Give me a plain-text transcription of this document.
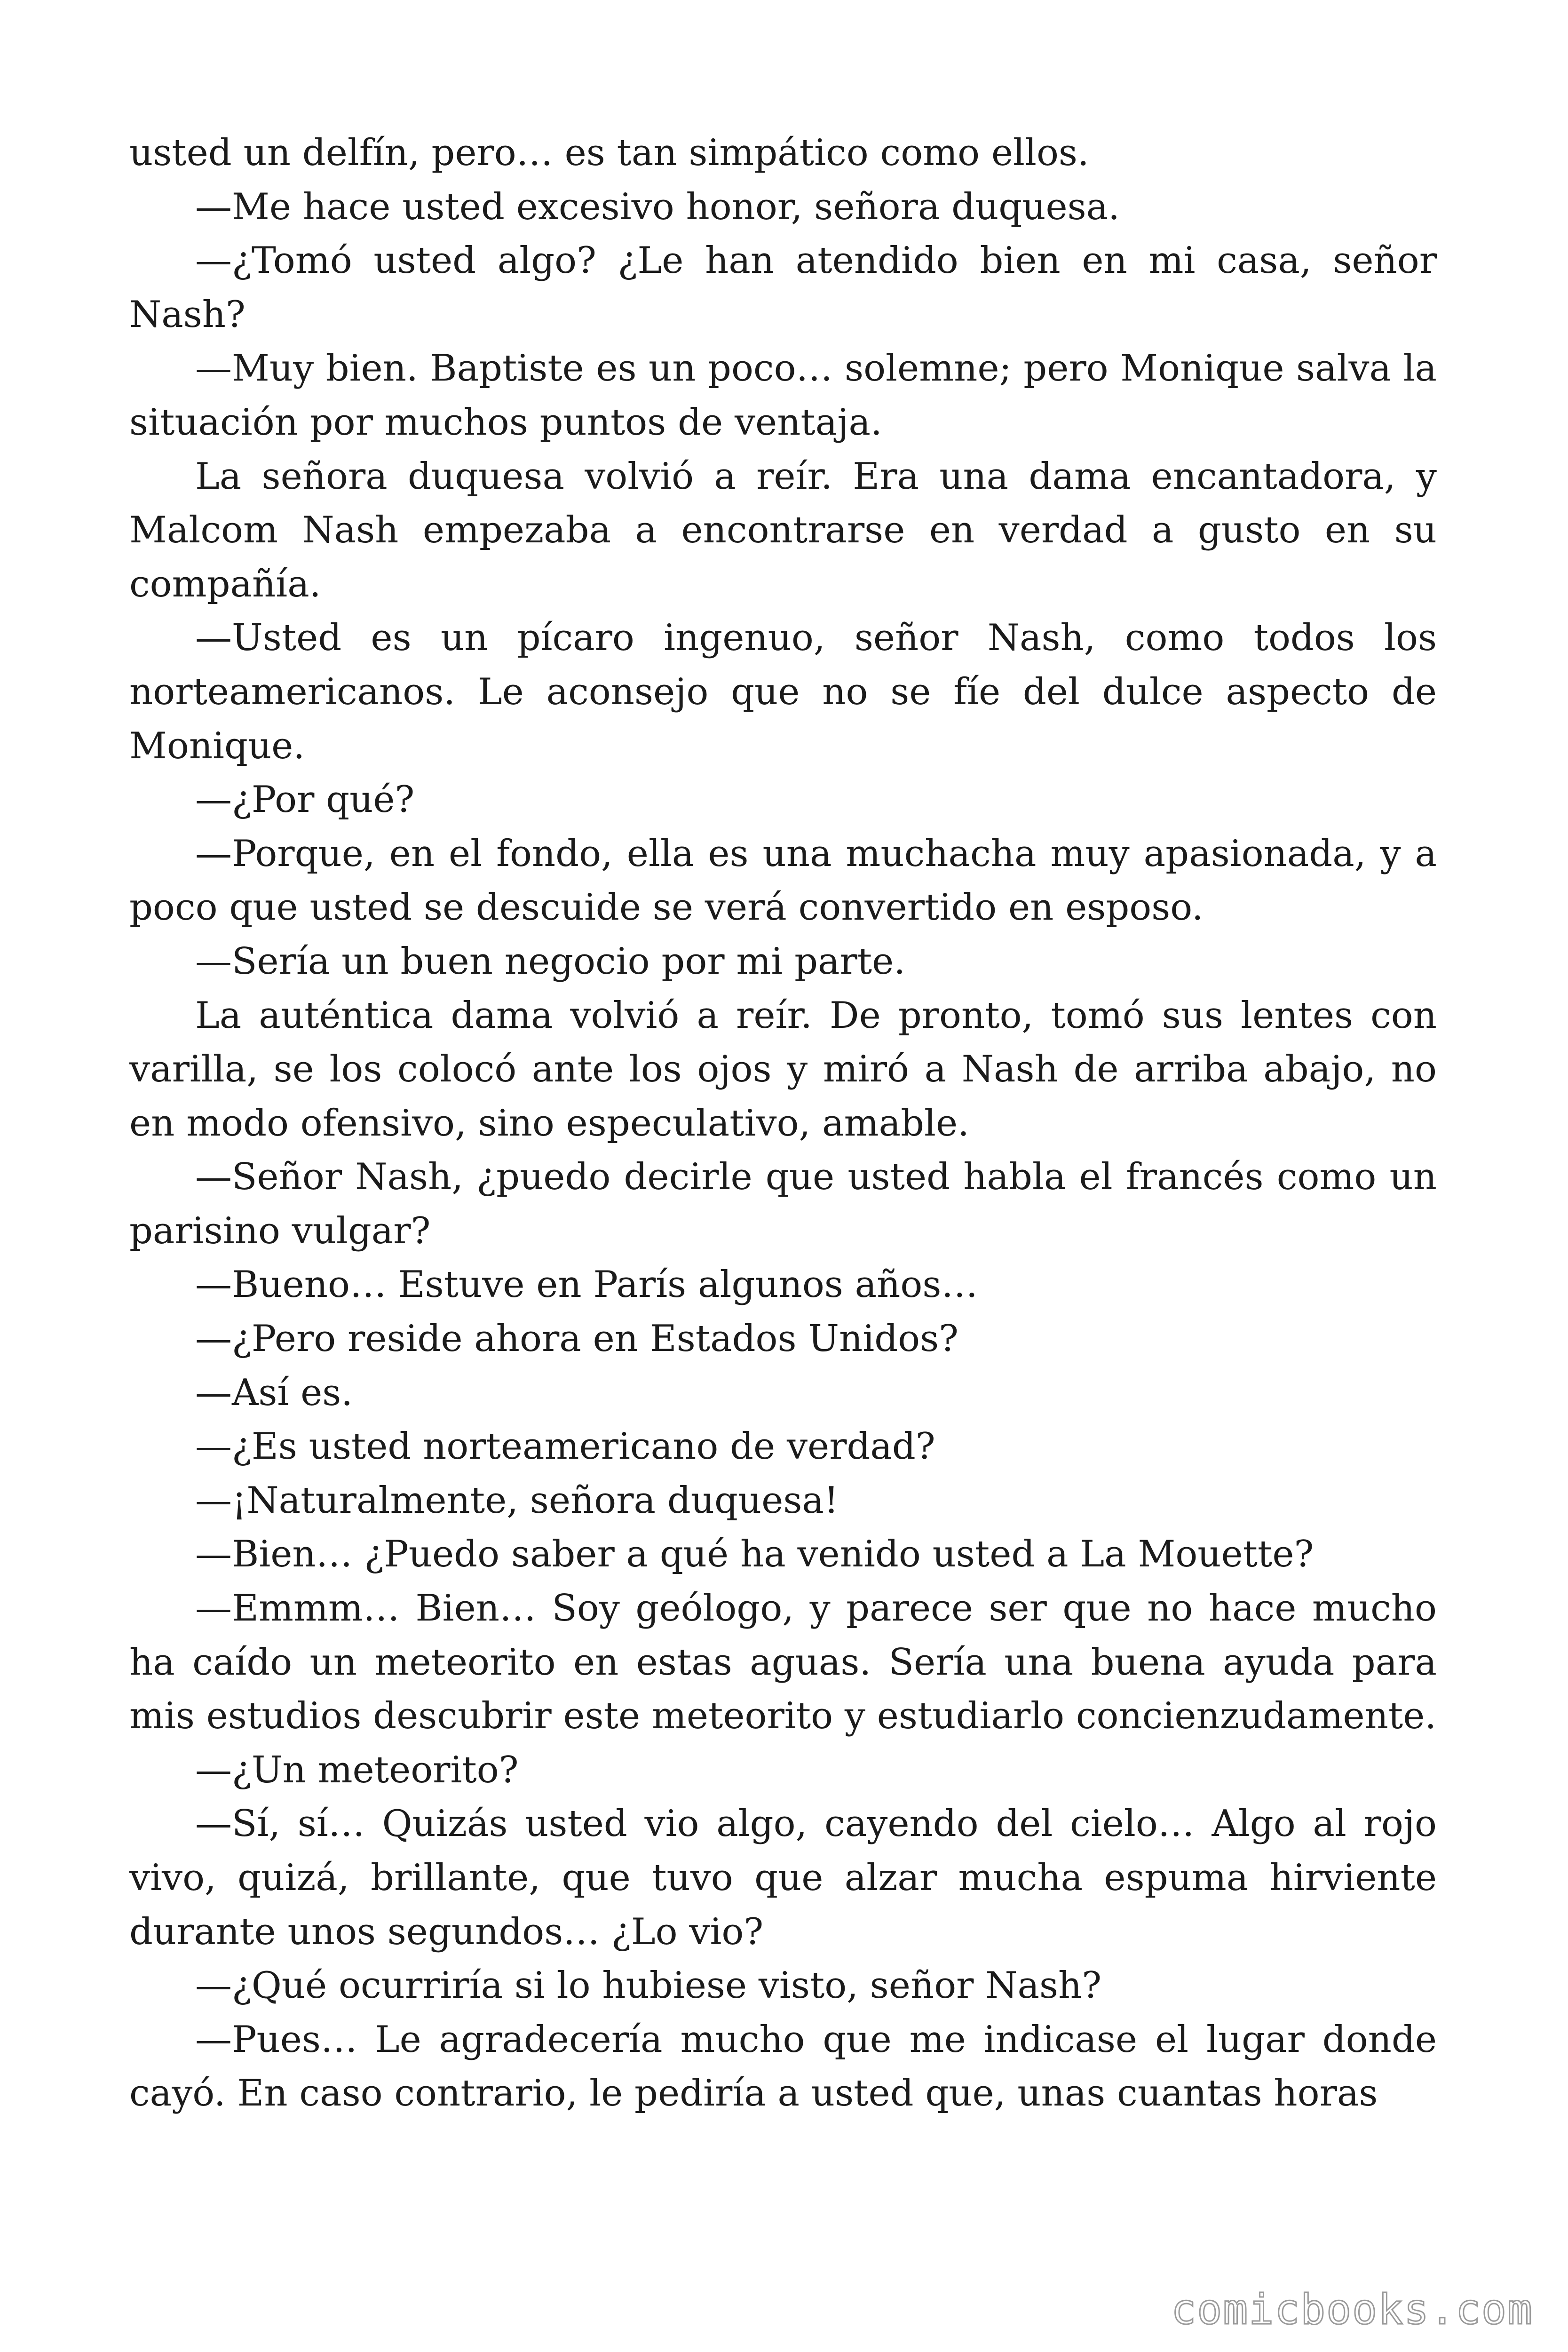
usted un delfín, pero… es tan simpático como ellos.

—Me hace usted excesivo honor, señora duquesa.

—¿Tomó usted algo? ¿Le han atendido bien en mi casa, señor Nash?

—Muy bien. Baptiste es un poco… solemne; pero Monique salva la situación por muchos puntos de ventaja.

La señora duquesa volvió a reír. Era una dama encantadora, y Malcom Nash empezaba a encontrarse en verdad a gusto en su compañía.

—Usted es un pícaro ingenuo, señor Nash, como todos los norteamericanos. Le aconsejo que no se fíe del dulce aspecto de Monique.

—¿Por qué?

—Porque, en el fondo, ella es una muchacha muy apasionada, y a poco que usted se descuide se verá convertido en esposo.

—Sería un buen negocio por mi parte.

La auténtica dama volvió a reír. De pronto, tomó sus lentes con varilla, se los colocó ante los ojos y miró a Nash de arriba abajo, no en modo ofensivo, sino especulativo, amable.

—Señor Nash, ¿puedo decirle que usted habla el francés como un parisino vulgar?

—Bueno… Estuve en París algunos años…

—¿Pero reside ahora en Estados Unidos?

—Así es.

—¿Es usted norteamericano de verdad?

—¡Naturalmente, señora duquesa!

—Bien… ¿Puedo saber a qué ha venido usted a La Mouette?

—Emmm… Bien… Soy geólogo, y parece ser que no hace mucho ha caído un meteorito en estas aguas. Sería una buena ayuda para mis estudios descubrir este meteorito y estudiarlo concienzudamente.

—¿Un meteorito?

—Sí, sí… Quizás usted vio algo, cayendo del cielo… Algo al rojo vivo, quizá, brillante, que tuvo que alzar mucha espuma hirviente durante unos segundos… ¿Lo vio?

—¿Qué ocurriría si lo hubiese visto, señor Nash?

—Pues… Le agradecería mucho que me indicase el lugar donde cayó. En caso contrario, le pediría a usted que, unas cuantas horas

comicbooks.com
